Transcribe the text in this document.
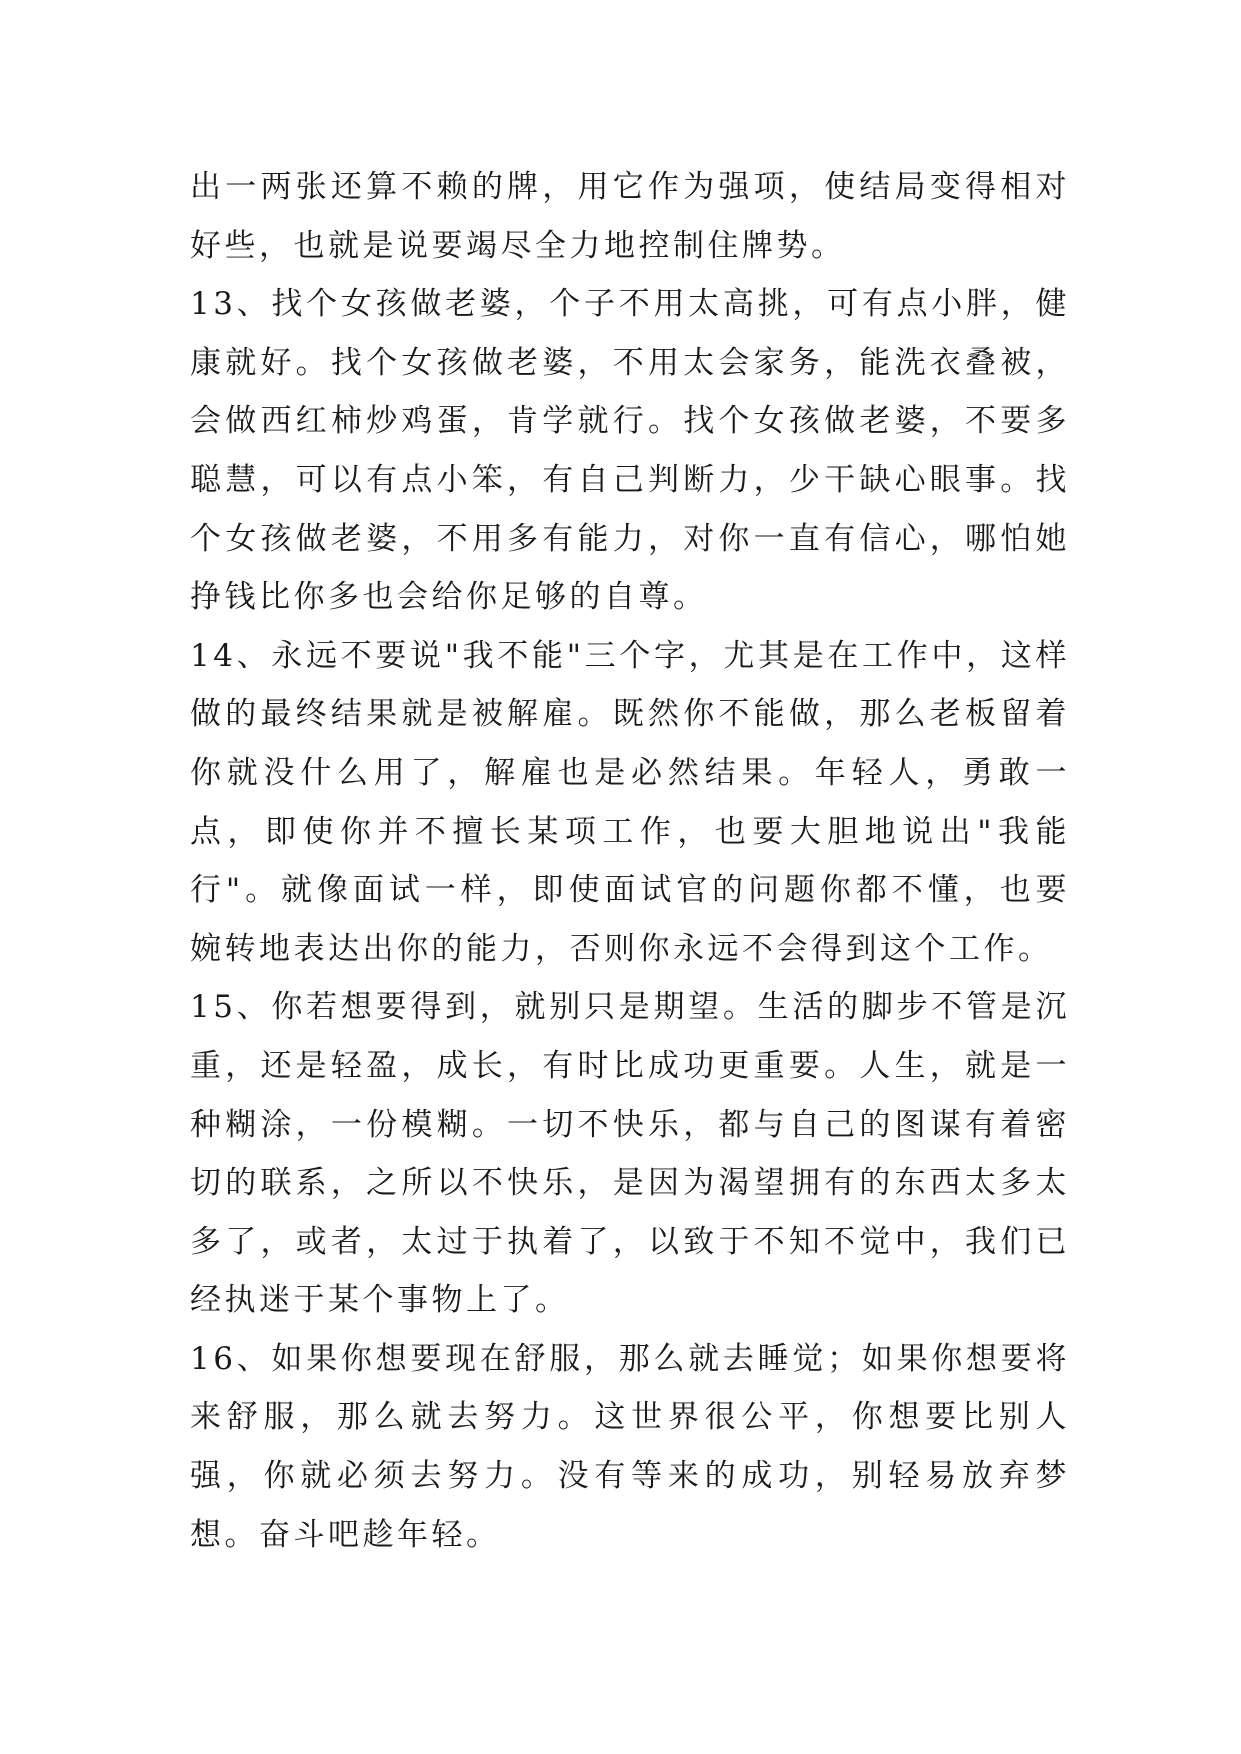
出一两张还算不赖的牌，用它作为强项，使结局变得相对好些，也就是说要竭尽全力地控制住牌势。

13、找个女孩做老婆，个子不用太高挑，可有点小胖，健康就好。找个女孩做老婆，不用太会家务，能洗衣叠被，会做西红柿炒鸡蛋，肯学就行。找个女孩做老婆，不要多聪慧，可以有点小笨，有自己判断力，少干缺心眼事。找个女孩做老婆，不用多有能力，对你一直有信心，哪怕她挣钱比你多也会给你足够的自尊。

14、永远不要说"我不能"三个字，尤其是在工作中，这样做的最终结果就是被解雇。既然你不能做，那么老板留着你就没什么用了，解雇也是必然结果。年轻人，勇敢一点，即使你并不擅长某项工作，也要大胆地说出"我能行"。就像面试一样，即使面试官的问题你都不懂，也要婉转地表达出你的能力，否则你永远不会得到这个工作。

15、你若想要得到，就别只是期望。生活的脚步不管是沉重，还是轻盈，成长，有时比成功更重要。人生，就是一种糊涂，一份模糊。一切不快乐，都与自己的图谋有着密切的联系，之所以不快乐，是因为渴望拥有的东西太多太多了，或者，太过于执着了，以致于不知不觉中，我们已经执迷于某个事物上了。

16、如果你想要现在舒服，那么就去睡觉；如果你想要将来舒服，那么就去努力。这世界很公平，你想要比别人强，你就必须去努力。没有等来的成功，别轻易放弃梦想。奋斗吧趁年轻。
